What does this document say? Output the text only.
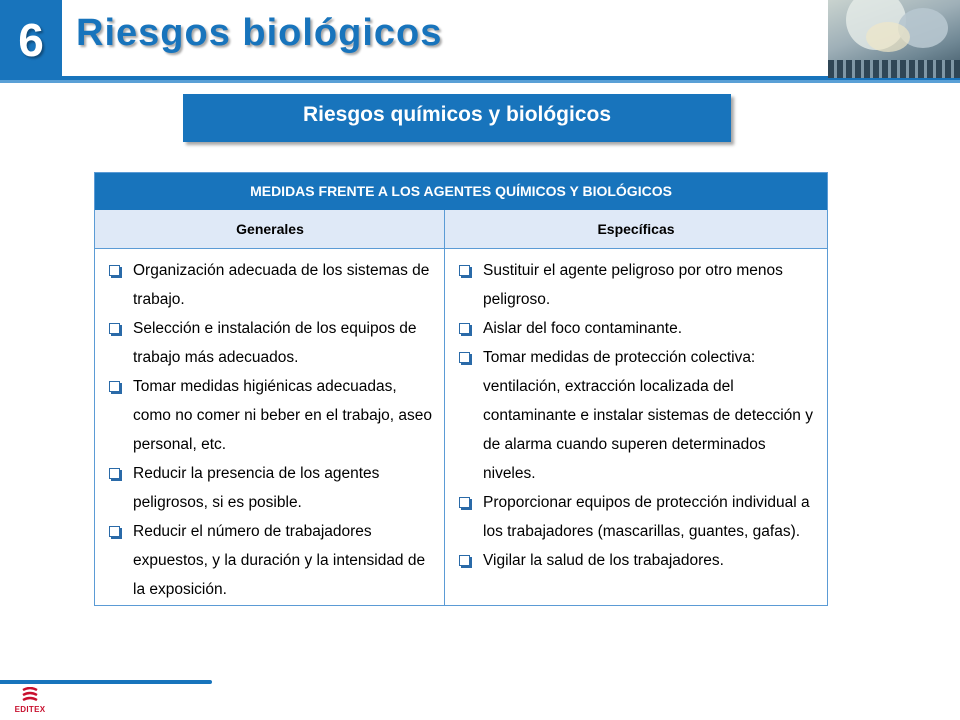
6 Riesgos biológicos
Riesgos químicos y biológicos
MEDIDAS FRENTE A LOS AGENTES QUÍMICOS Y BIOLÓGICOS
Generales	Específicas

Organización adecuada de los sistemas de trabajo.

Selección e instalación de los equipos de trabajo más adecuados.

Tomar medidas higiénicas adecuadas, como no comer ni beber en el trabajo, aseo personal, etc.

Reducir la presencia de los agentes peligrosos, si es posible.

Reducir el número de trabajadores expuestos, y la duración y la intensidad de la exposición.

Sustituir el agente peligroso por otro menos peligroso.

Aislar del foco contaminante.

Tomar medidas de protección colectiva: ventilación, extracción localizada del contaminante e instalar sistemas de detección y de alarma cuando superen determinados niveles.

Proporcionar equipos de protección individual a los trabajadores (mascarillas, guantes, gafas).

Vigilar la salud de los trabajadores.

EDITEX
